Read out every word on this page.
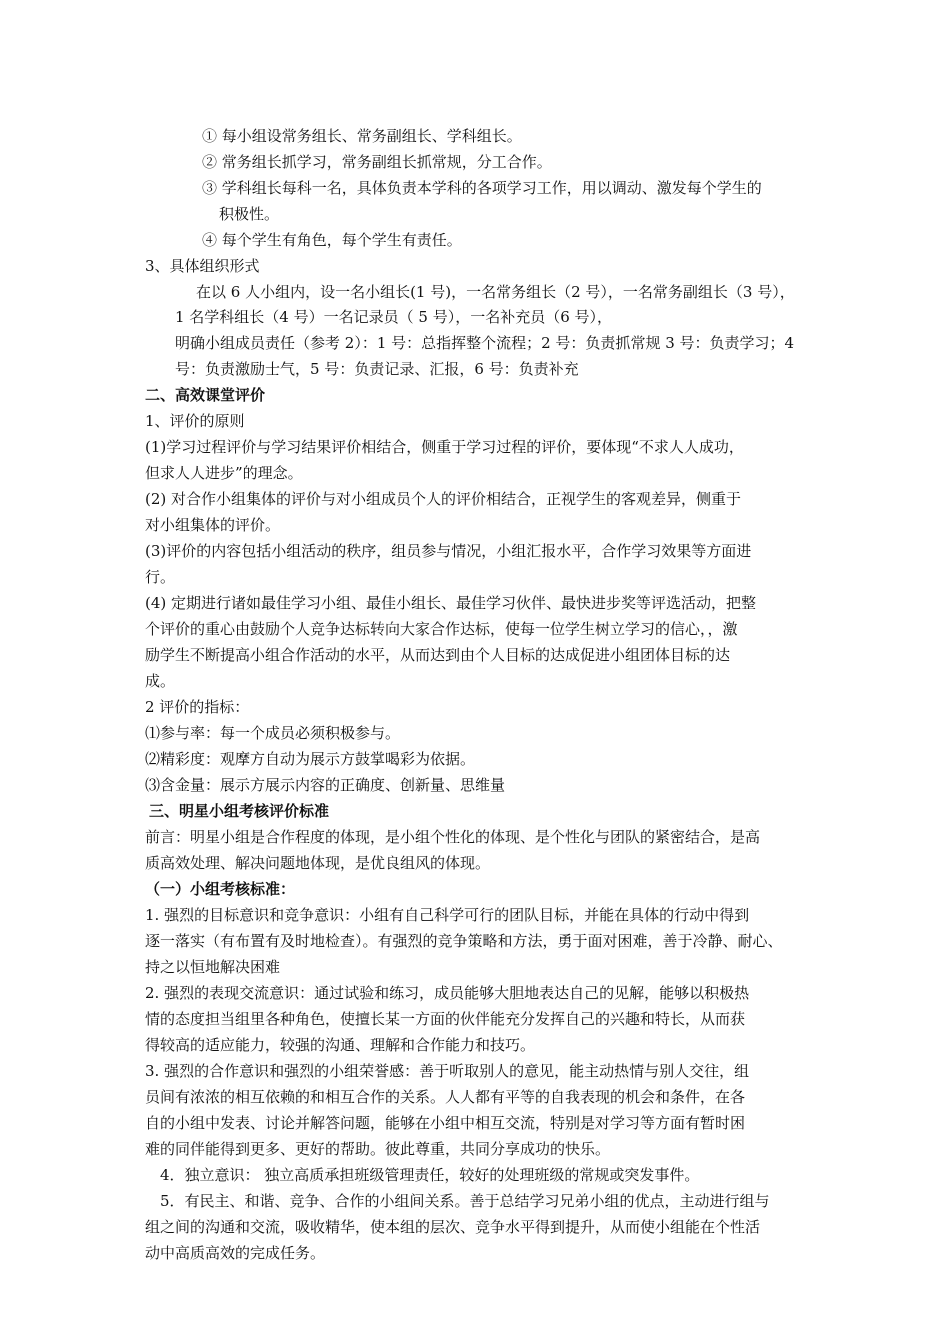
① 每小组设常务组长、常务副组长、学科组长。
② 常务组长抓学习，常务副组长抓常规，分工合作。
③ 学科组长每科一名，具体负责本学科的各项学习工作，用以调动、激发每个学生的
积极性。
④ 每个学生有角色，每个学生有责任。
3、具体组织形式
在以 6 人小组内，设一名小组长(1 号)，一名常务组长（2 号），一名常务副组长（3 号），
1 名学科组长（4 号）一名记录员（ 5 号），一名补充员（6 号），
明确小组成员责任（参考 2）：1 号：总指挥整个流程；2 号：负责抓常规 3 号：负责学习；4
号：负责激励士气，5 号：负责记录、汇报，6 号：负责补充
二、高效课堂评价
1、评价的原则
(1)学习过程评价与学习结果评价相结合，侧重于学习过程的评价，要体现“不求人人成功，
但求人人进步”的理念。
(2) 对合作小组集体的评价与对小组成员个人的评价相结合，正视学生的客观差异，侧重于
对小组集体的评价。
(3)评价的内容包括小组活动的秩序，组员参与情况，小组汇报水平，合作学习效果等方面进
行。
(4) 定期进行诸如最佳学习小组、最佳小组长、最佳学习伙伴、最快进步奖等评选活动，把整
个评价的重心由鼓励个人竞争达标转向大家合作达标，使每一位学生树立学习的信心，，激
励学生不断提高小组合作活动的水平，从而达到由个人目标的达成促进小组团体目标的达
成。
2 评价的指标：
⑴参与率：每一个成员必须积极参与。
⑵精彩度：观摩方自动为展示方鼓掌喝彩为依据。
⑶含金量：展示方展示内容的正确度、创新量、思维量
三、明星小组考核评价标准
前言：明星小组是合作程度的体现，是小组个性化的体现、是个性化与团队的紧密结合，是高
质高效处理、解决问题地体现，是优良组风的体现。
（一）小组考核标准：
1. 强烈的目标意识和竞争意识：小组有自己科学可行的团队目标，并能在具体的行动中得到
逐一落实（有布置有及时地检查）。有强烈的竞争策略和方法，勇于面对困难，善于冷静、耐心、
持之以恒地解决困难
2. 强烈的表现交流意识：通过试验和练习，成员能够大胆地表达自己的见解，能够以积极热
情的态度担当组里各种角色，使擅长某一方面的伙伴能充分发挥自己的兴趣和特长，从而获
得较高的适应能力，较强的沟通、理解和合作能力和技巧。
3. 强烈的合作意识和强烈的小组荣誉感：善于听取别人的意见，能主动热情与别人交往，组
员间有浓浓的相互依赖的和相互合作的关系。人人都有平等的自我表现的机会和条件，在各
自的小组中发表、讨论并解答问题，能够在小组中相互交流，特别是对学习等方面有暂时困
难的同伴能得到更多、更好的帮助。彼此尊重，共同分享成功的快乐。
4．独立意识： 独立高质承担班级管理责任，较好的处理班级的常规或突发事件。
5．有民主、和谐、竞争、合作的小组间关系。善于总结学习兄弟小组的优点，主动进行组与
组之间的沟通和交流，吸收精华，使本组的层次、竞争水平得到提升，从而使小组能在个性活
动中高质高效的完成任务。
